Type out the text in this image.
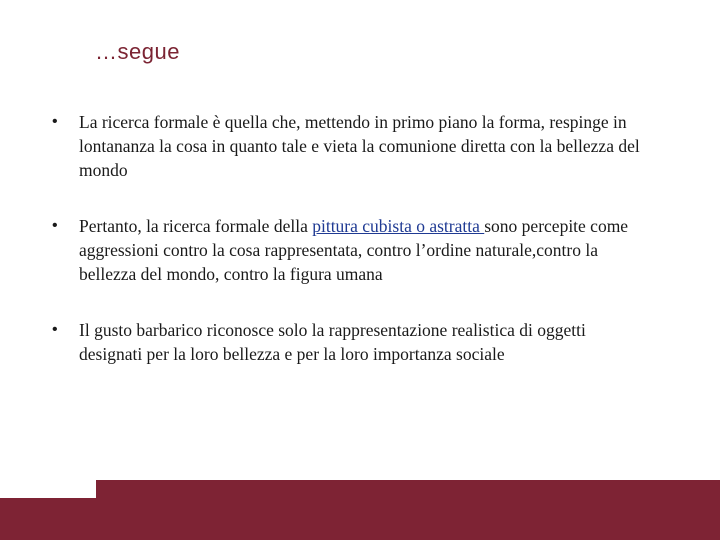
…segue
• La ricerca formale è quella che, mettendo in primo piano la forma, respinge in lontananza la cosa in quanto tale e vieta la comunione diretta con la bellezza del mondo
• Pertanto, la ricerca formale della pittura cubista o astratta sono percepite come aggressioni contro la cosa rappresentata, contro l’ordine naturale,contro la bellezza del mondo, contro la figura umana
• Il gusto barbarico riconosce solo la rappresentazione realistica di oggetti designati per la loro bellezza e per la loro importanza sociale
